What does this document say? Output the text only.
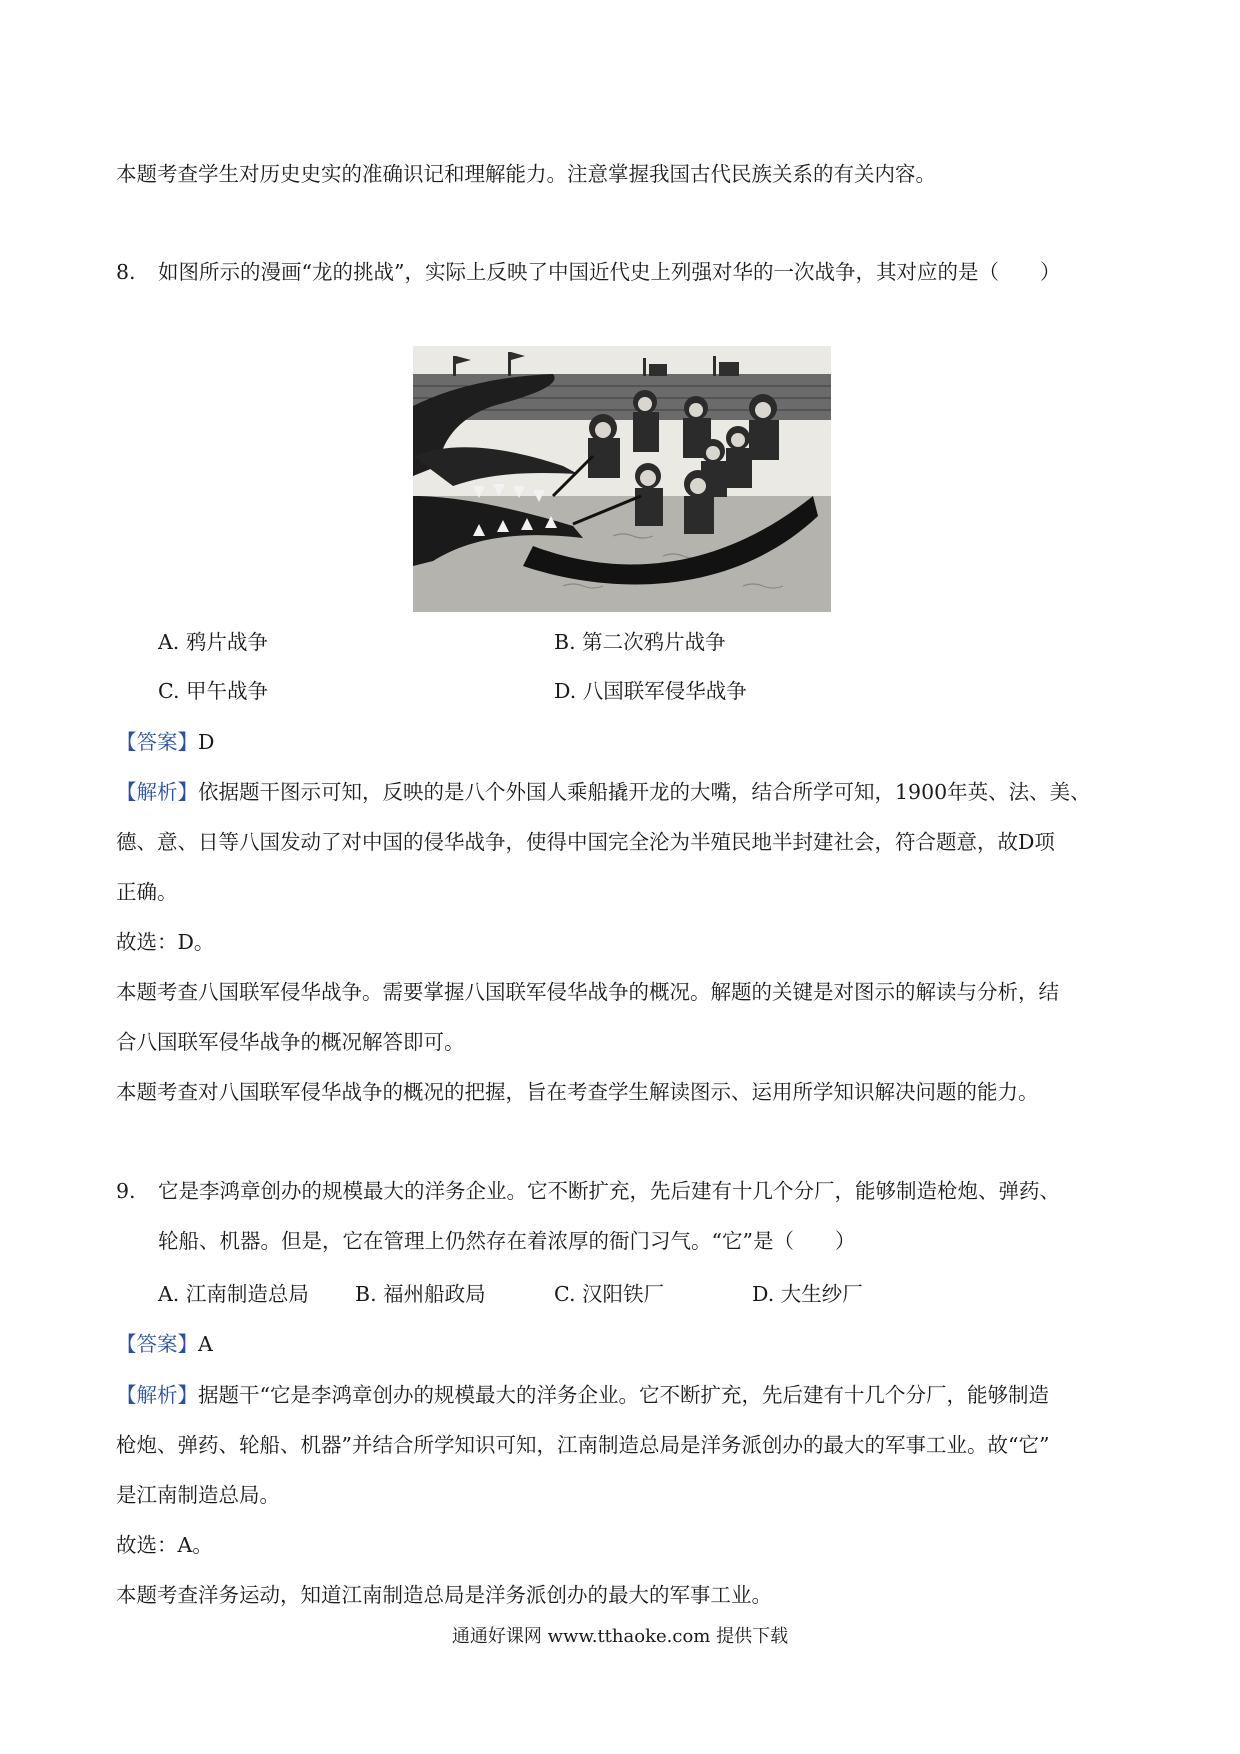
本题考查学生对历史史实的准确识记和理解能力。注意掌握我国古代民族关系的有关内容。

8. 如图所示的漫画“龙的挑战”，实际上反映了中国近代史上列强对华的一次战争，其对应的是（　　）

A. 鸦片战争	B. 第二次鸦片战争
C. 甲午战争	D. 八国联军侵华战争

【答案】D

【解析】依据题干图示可知，反映的是八个外国人乘船撬开龙的大嘴，结合所学可知，1900年英、法、美、

德、意、日等八国发动了对中国的侵华战争，使得中国完全沦为半殖民地半封建社会，符合题意，故D项

正确。

故选：D。

本题考查八国联军侵华战争。需要掌握八国联军侵华战争的概况。解题的关键是对图示的解读与分析，结

合八国联军侵华战争的概况解答即可。

本题考查对八国联军侵华战争的概况的把握，旨在考查学生解读图示、运用所学知识解决问题的能力。

9. 它是李鸿章创办的规模最大的洋务企业。它不断扩充，先后建有十几个分厂，能够制造枪炮、弹药、

轮船、机器。但是，它在管理上仍然存在着浓厚的衙门习气。“它”是（　　）

A. 江南制造总局 B. 福州船政局	C. 汉阳铁厂	D. 大生纱厂

【答案】A

【解析】据题干“它是李鸿章创办的规模最大的洋务企业。它不断扩充，先后建有十几个分厂，能够制造

枪炮、弹药、轮船、机器”并结合所学知识可知，江南制造总局是洋务派创办的最大的军事工业。故“它”

是江南制造总局。

故选：A。

本题考查洋务运动，知道江南制造总局是洋务派创办的最大的军事工业。

通通好课网 www.tthaoke.com 提供下载
